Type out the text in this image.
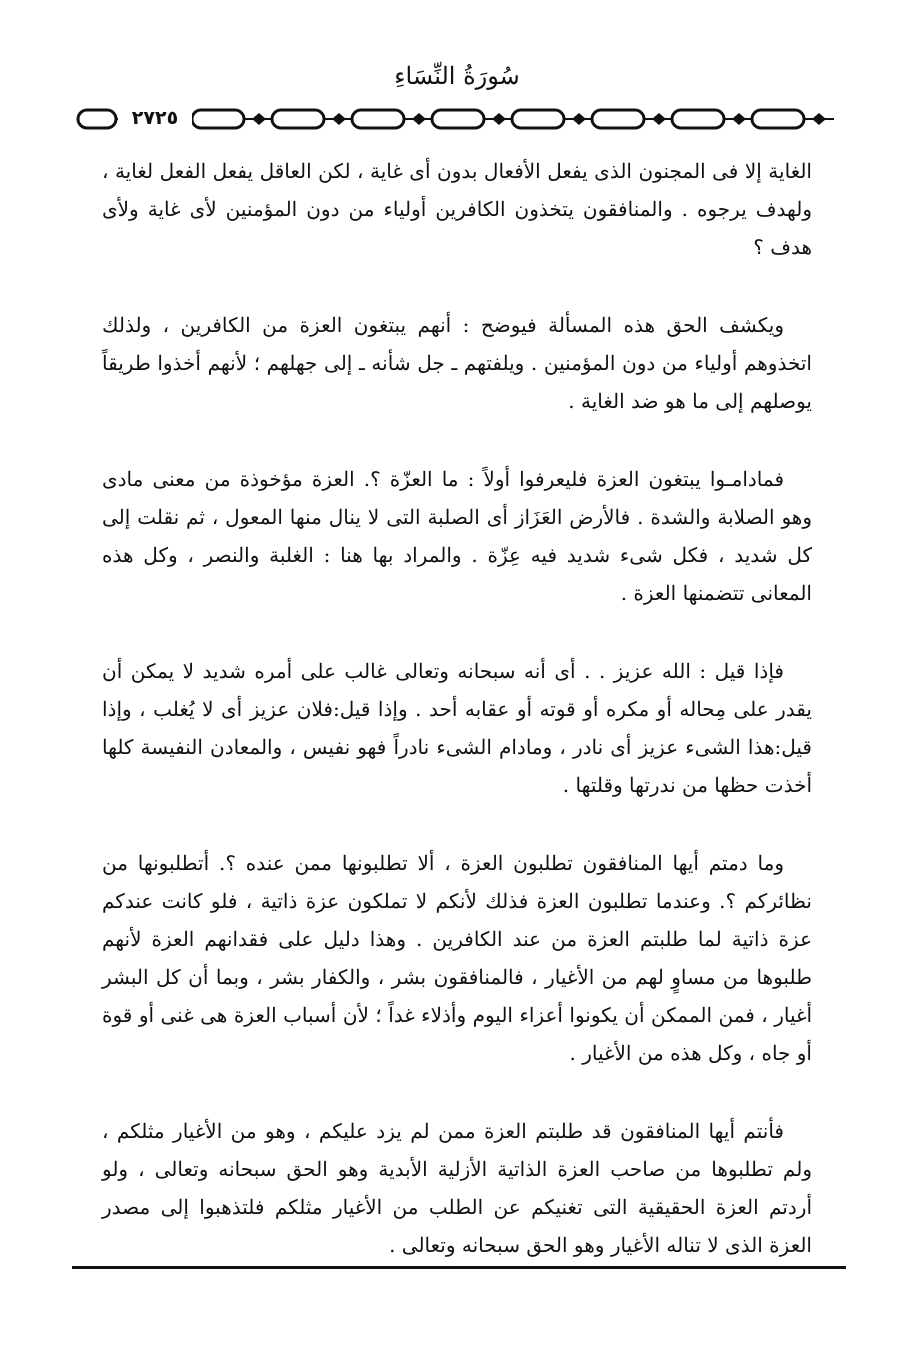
سُورَةُ النِّسَاءِ
٢٧٢٥

الغاية إلا فى المجنون الذى يفعل الأفعال بدون أى غاية ، لكن العاقل يفعل الفعل لغاية ، ولهدف يرجوه . والمنافقون يتخذون الكافرين أولياء من دون المؤمنين لأى غاية ولأى هدف ؟

ويكشف الحق هذه المسألة فيوضح : أنهم يبتغون العزة من الكافرين ، ولذلك اتخذوهم أولياء من دون المؤمنين . ويلفتهم ـ جل شأنه ـ إلى جهلهم ؛ لأنهم أخذوا طريقاً يوصلهم إلى ما هو ضد الغاية .

فمادامـوا يبتغون العزة فليعرفوا أولاً : ما العزّة ؟. العزة مؤخوذة من معنى مادى وهو الصلابة والشدة . فالأرض العَزَاز أى الصلبة التى لا ينال منها المعول ، ثم نقلت إلى كل شديد ، فكل شىء شديد فيه عِزّة . والمراد بها هنا : الغلبة والنصر ، وكل هذه المعانى تتضمنها العزة .

فإذا قيل : الله عزيز . . أى أنه سبحانه وتعالى غالب على أمره شديد لا يمكن أن يقدر على مِحاله أو مكره أو قوته أو عقابه أحد . وإذا قيل:فلان عزيز أى لا يُغلب ، وإذا قيل:هذا الشىء عزيز أى نادر ، ومادام الشىء نادراً فهو نفيس ، والمعادن النفيسة كلها أخذت حظها من ندرتها وقلتها .

وما دمتم أيها المنافقون تطلبون العزة ، ألا تطلبونها ممن عنده ؟. أتطلبونها من نظائركم ؟. وعندما تطلبون العزة فذلك لأنكم لا تملكون عزة ذاتية ، فلو كانت عندكم عزة ذاتية لما طلبتم العزة من عند الكافرين . وهذا دليل على فقدانهم العزة لأنهم طلبوها من مساوٍ لهم من الأغيار ، فالمنافقون بشر ، والكفار بشر ، وبما أن كل البشر أغيار ، فمن الممكن أن يكونوا أعزاء اليوم وأذلاء غداً ؛ لأن أسباب العزة هى غنى أو قوة أو جاه ، وكل هذه من الأغيار .

فأنتم أيها المنافقون قد طلبتم العزة ممن لم يزد عليكم ، وهو من الأغيار مثلكم ، ولم تطلبوها من صاحب العزة الذاتية الأزلية الأبدية وهو الحق سبحانه وتعالى ، ولو أردتم العزة الحقيقية التى تغنيكم عن الطلب من الأغيار مثلكم فلتذهبوا إلى مصدر العزة الذى لا تناله الأغيار وهو الحق سبحانه وتعالى .
